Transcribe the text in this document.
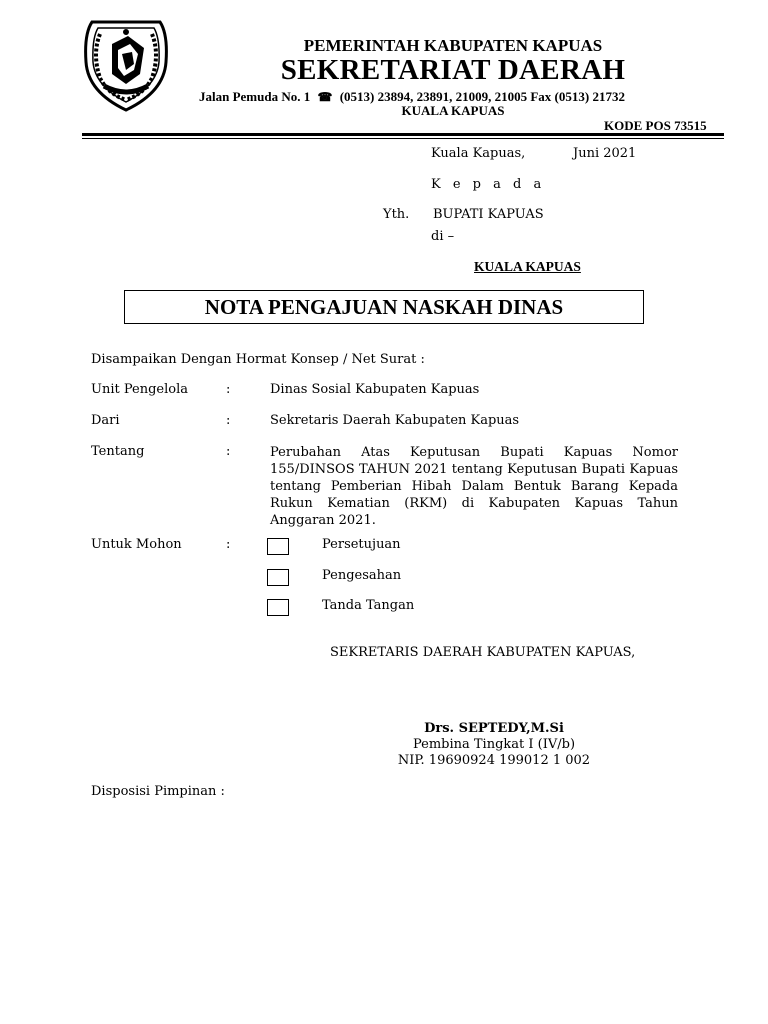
PEMERINTAH KABUPATEN KAPUAS
SEKRETARIAT DAERAH
Jalan Pemuda No. 1 ☎ (0513) 23894, 23891, 21009, 21005 Fax (0513) 21732
KUALA KAPUAS
KODE POS 73515
Kuala Kapuas,	Juni 2021
K e p a d a
Yth. BUPATI KAPUAS
di –
KUALA KAPUAS
NOTA PENGAJUAN NASKAH DINAS
Disampaikan Dengan Hormat Konsep / Net Surat :
Unit Pengelola	:	Dinas Sosial Kabupaten Kapuas
Dari	:	Sekretaris Daerah Kabupaten Kapuas
Tentang	:	Perubahan Atas Keputusan Bupati Kapuas Nomor 155/DINSOS TAHUN 2021 tentang Keputusan Bupati Kapuas tentang Pemberian Hibah Dalam Bentuk Barang Kepada Rukun Kematian (RKM) di Kabupaten Kapuas Tahun Anggaran 2021.
Untuk Mohon	:	Persetujuan
Pengesahan
Tanda Tangan
SEKRETARIS DAERAH KABUPATEN KAPUAS,
Drs. SEPTEDY,M.Si
Pembina Tingkat I (IV/b)
NIP. 19690924 199012 1 002
Disposisi Pimpinan :
